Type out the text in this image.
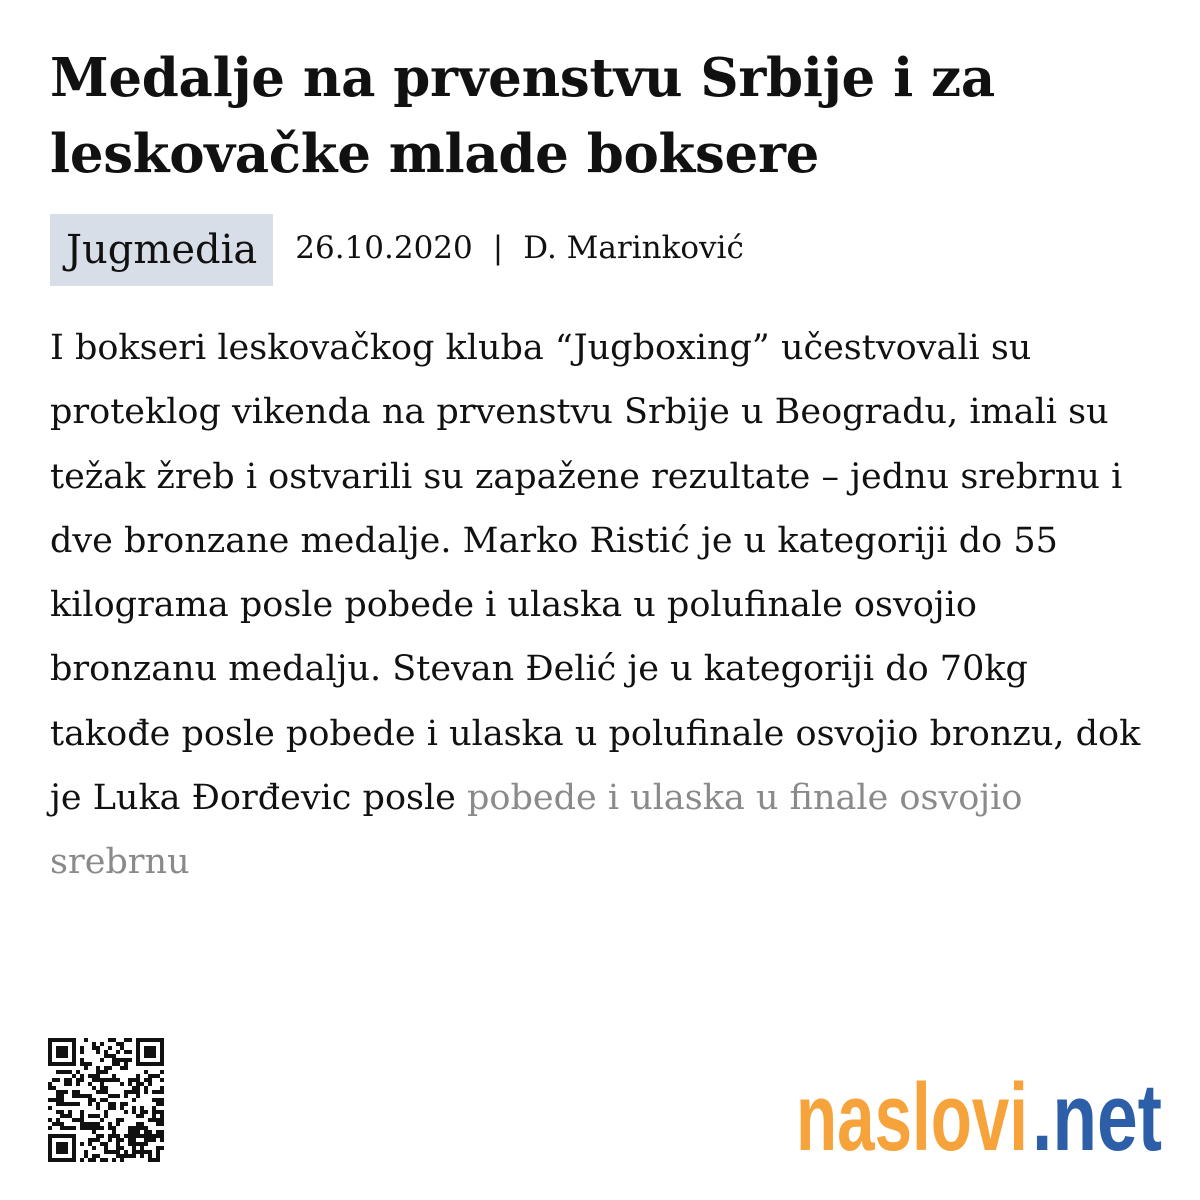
Medalje na prvenstvu Srbije i za leskovačke mlade boksere
Jugmedia	26.10.2020 | D. Marinković

I bokseri leskovačkog kluba “Jugboxing” učestvovali su proteklog vikenda na prvenstvu Srbije u Beogradu, imali su težak žreb i ostvarili su zapažene rezultate – jednu srebrnu i dve bronzane medalje. Marko Ristić je u kategoriji do 55 kilograma posle pobede i ulaska u polufinale osvojio bronzanu medalju. Stevan Đelić je u kategoriji do 70kg takođe posle pobede i ulaska u polufinale osvojio bronzu, dok je Luka Đorđevic posle pobede i ulaska u finale osvojio srebrnu

naslovi .net
